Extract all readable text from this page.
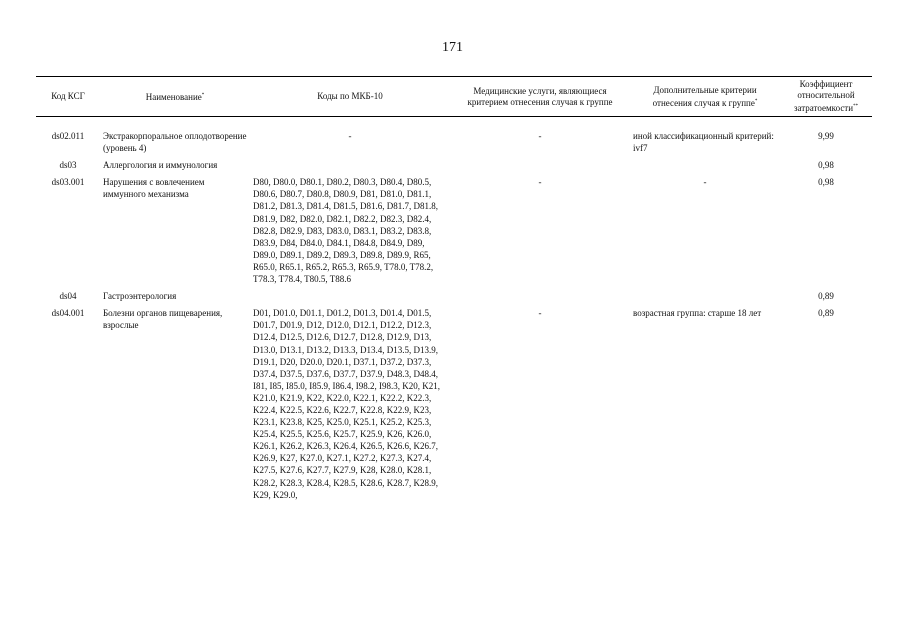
171
Код КСГ	Наименование*	Коды по МКБ-10	Медицинские услуги, являющиеся критерием отнесения случая к группе	Дополнительные критерии отнесения случая к группе*	Коэффициент относительной затратоемкости**
ds02.011	Экстракорпоральное оплодотворение (уровень 4)	-	-	иной классификационный критерий: ivf7	9,99
ds03	Аллергология и иммунология				0,98
ds03.001	Нарушения с вовлечением иммунного механизма	D80, D80.0, D80.1, D80.2, D80.3, D80.4, D80.5, D80.6, D80.7, D80.8, D80.9, D81, D81.0, D81.1, D81.2, D81.3, D81.4, D81.5, D81.6, D81.7, D81.8, D81.9, D82, D82.0, D82.1, D82.2, D82.3, D82.4, D82.8, D82.9, D83, D83.0, D83.1, D83.2, D83.8, D83.9, D84, D84.0, D84.1, D84.8, D84.9, D89, D89.0, D89.1, D89.2, D89.3, D89.8, D89.9, R65, R65.0, R65.1, R65.2, R65.3, R65.9, T78.0, T78.2, T78.3, T78.4, T80.5, T88.6	-	-	0,98
ds04	Гастроэнтерология				0,89
ds04.001	Болезни органов пищеварения, взрослые	D01, D01.0, D01.1, D01.2, D01.3, D01.4, D01.5, D01.7, D01.9, D12, D12.0, D12.1, D12.2, D12.3, D12.4, D12.5, D12.6, D12.7, D12.8, D12.9, D13, D13.0, D13.1, D13.2, D13.3, D13.4, D13.5, D13.9, D19.1, D20, D20.0, D20.1, D37.1, D37.2, D37.3, D37.4, D37.5, D37.6, D37.7, D37.9, D48.3, D48.4, I81, I85, I85.0, I85.9, I86.4, I98.2, I98.3, K20, K21, K21.0, K21.9, K22, K22.0, K22.1, K22.2, K22.3, K22.4, K22.5, K22.6, K22.7, K22.8, K22.9, K23, K23.1, K23.8, K25, K25.0, K25.1, K25.2, K25.3, K25.4, K25.5, K25.6, K25.7, K25.9, K26, K26.0, K26.1, K26.2, K26.3, K26.4, K26.5, K26.6, K26.7, K26.9, K27, K27.0, K27.1, K27.2, K27.3, K27.4, K27.5, K27.6, K27.7, K27.9, K28, K28.0, K28.1, K28.2, K28.3, K28.4, K28.5, K28.6, K28.7, K28.9, K29, K29.0,	-	возрастная группа: старше 18 лет	0,89
